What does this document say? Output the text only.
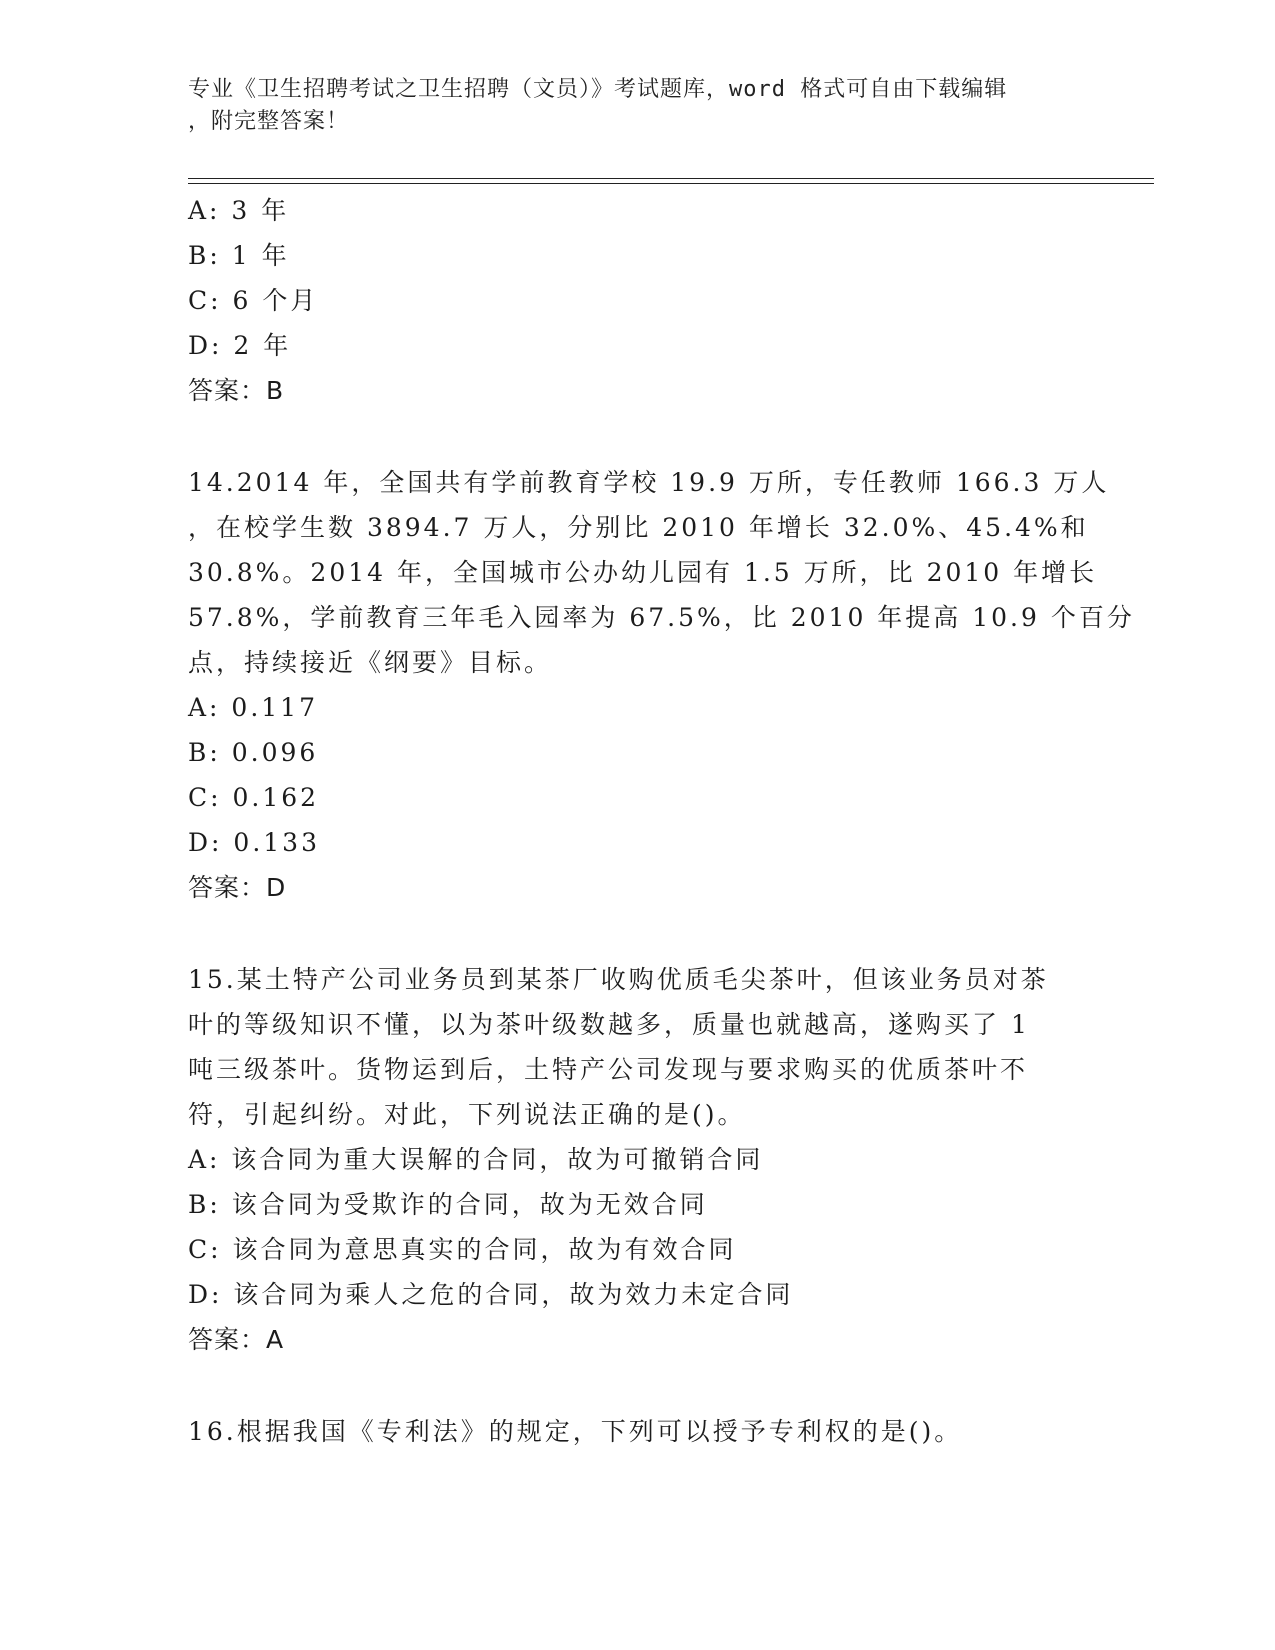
专业《卫生招聘考试之卫生招聘（文员）》考试题库，word 格式可自由下载编辑
，附完整答案！
A: 3 年
B: 1 年
C: 6 个月
D: 2 年
答案：B
14.2014 年，全国共有学前教育学校 19.9 万所，专任教师 166.3 万人
，在校学生数 3894.7 万人，分别比 2010 年增长 32.0%、45.4%和
30.8%。2014 年，全国城市公办幼儿园有 1.5 万所，比 2010 年增长
57.8%，学前教育三年毛入园率为 67.5%，比 2010 年提高 10.9 个百分
点，持续接近《纲要》目标。
A: 0.117
B: 0.096
C: 0.162
D: 0.133
答案：D
15.某土特产公司业务员到某茶厂收购优质毛尖茶叶，但该业务员对茶
叶的等级知识不懂，以为茶叶级数越多，质量也就越高，遂购买了 1
吨三级茶叶。货物运到后，土特产公司发现与要求购买的优质茶叶不
符，引起纠纷。对此，下列说法正确的是()。
A: 该合同为重大误解的合同，故为可撤销合同
B: 该合同为受欺诈的合同，故为无效合同
C: 该合同为意思真实的合同，故为有效合同
D: 该合同为乘人之危的合同，故为效力未定合同
答案：A
16.根据我国《专利法》的规定，下列可以授予专利权的是()。
